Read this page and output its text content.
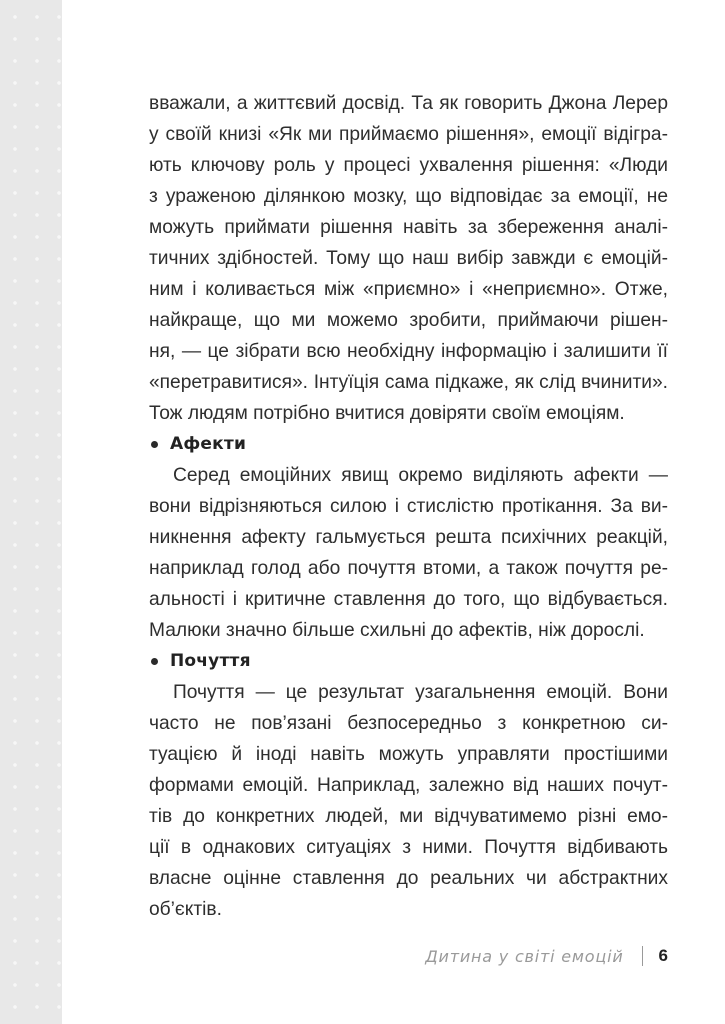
вважали, а життєвий досвід. Та як говорить Джона Лерер
у своїй книзі «Як ми приймаємо рішення», емоції відігра-
ють ключову роль у процесі ухвалення рішення: «Люди
з ураженою ділянкою мозку, що відповідає за емоції, не
можуть приймати рішення навіть за збереження аналі-
тичних здібностей. Тому що наш вибір завжди є емоцій-
ним і коливається між «приємно» і «неприємно». Отже,
найкраще, що ми можемо зробити, приймаючи рішен-
ня, — це зібрати всю необхідну інформацію і залишити її
«перетравитися». Інтуїція сама підкаже, як слід вчинити».
Тож людям потрібно вчитися довіряти своїм емоціям.
Афекти
Серед емоційних явищ окремо виділяють афекти —
вони відрізняються силою і стислістю протікання. За ви-
никнення афекту гальмується решта психічних реакцій,
наприклад голод або почуття втоми, а також почуття ре-
альності і критичне ставлення до того, що відбувається.
Малюки значно більше схильні до афектів, ніж дорослі.
Почуття
Почуття — це результат узагальнення емоцій. Вони
часто не пов’язані безпосередньо з конкретною си-
туацією й іноді навіть можуть управляти простішими
формами емоцій. Наприклад, залежно від наших почут-
тів до конкретних людей, ми відчуватимемо різні емо-
ції в однакових ситуаціях з ними. Почуття відбивають
власне оцінне ставлення до реальних чи абстрактних
об’єктів.
Дитина у світі емоцій 6
